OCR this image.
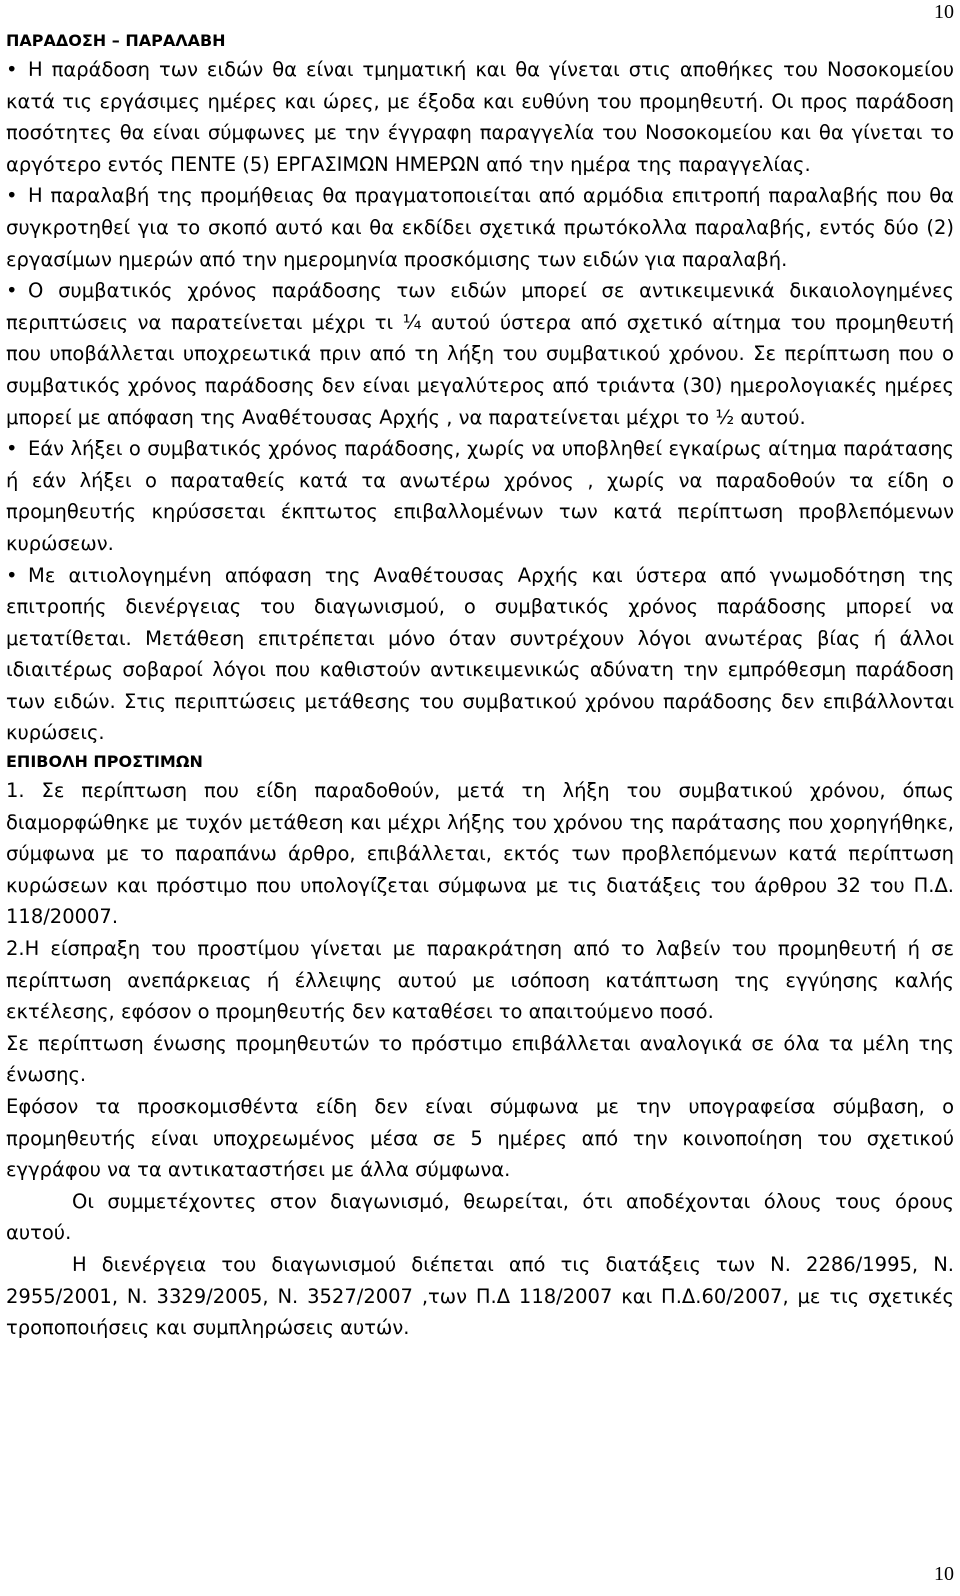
10

ΠΑΡΑΔΟΣΗ – ΠΑΡΑΛΑΒΗ

• Η παράδοση των ειδών θα είναι τμηματική και θα γίνεται στις αποθήκες του Νοσοκομείου κατά τις εργάσιμες ημέρες και ώρες, με έξοδα και ευθύνη του προμηθευτή. Οι προς παράδοση ποσότητες θα είναι σύμφωνες με την έγγραφη παραγγελία του Νοσοκομείου και θα γίνεται το αργότερο εντός ΠΕΝΤΕ (5) ΕΡΓΑΣΙΜΩΝ ΗΜΕΡΩΝ από την ημέρα της παραγγελίας.

• Η παραλαβή της προμήθειας θα πραγματοποιείται από αρμόδια επιτροπή παραλαβής που θα συγκροτηθεί για το σκοπό αυτό και θα εκδίδει σχετικά πρωτόκολλα παραλαβής, εντός δύο (2) εργασίμων ημερών από την ημερομηνία προσκόμισης των ειδών για παραλαβή.

• Ο συμβατικός χρόνος παράδοσης των ειδών μπορεί σε αντικειμενικά δικαιολογημένες περιπτώσεις να παρατείνεται μέχρι τι ¼ αυτού ύστερα από σχετικό αίτημα του προμηθευτή που υποβάλλεται υποχρεωτικά πριν από τη λήξη του συμβατικού χρόνου. Σε περίπτωση που ο συμβατικός χρόνος παράδοσης δεν είναι μεγαλύτερος από τριάντα (30) ημερολογιακές ημέρες μπορεί με απόφαση της Αναθέτουσας Αρχής , να παρατείνεται μέχρι το ½ αυτού.

• Εάν λήξει ο συμβατικός χρόνος παράδοσης, χωρίς να υποβληθεί εγκαίρως αίτημα παράτασης ή εάν λήξει ο παραταθείς κατά τα ανωτέρω χρόνος , χωρίς να παραδοθούν τα είδη ο προμηθευτής κηρύσσεται έκπτωτος επιβαλλομένων των κατά περίπτωση προβλεπόμενων κυρώσεων.

• Με αιτιολογημένη απόφαση της Αναθέτουσας Αρχής και ύστερα από γνωμοδότηση της επιτροπής διενέργειας του διαγωνισμού, ο συμβατικός χρόνος παράδοσης μπορεί να μετατίθεται. Μετάθεση επιτρέπεται μόνο όταν συντρέχουν λόγοι ανωτέρας βίας ή άλλοι ιδιαιτέρως σοβαροί λόγοι που καθιστούν αντικειμενικώς αδύνατη την εμπρόθεσμη παράδοση των ειδών. Στις περιπτώσεις μετάθεσης του συμβατικού χρόνου παράδοσης δεν επιβάλλονται κυρώσεις.

ΕΠΙΒΟΛΗ ΠΡΟΣΤΙΜΩΝ

1. Σε περίπτωση που είδη παραδοθούν, μετά τη λήξη του συμβατικού χρόνου, όπως διαμορφώθηκε με τυχόν μετάθεση και μέχρι λήξης του χρόνου της παράτασης που χορηγήθηκε, σύμφωνα με το παραπάνω άρθρο, επιβάλλεται, εκτός των προβλεπόμενων κατά περίπτωση κυρώσεων και πρόστιμο που υπολογίζεται σύμφωνα με τις διατάξεις του άρθρου 32 του Π.Δ. 118/20007.

2.Η είσπραξη του προστίμου γίνεται με παρακράτηση από το λαβείν του προμηθευτή ή σε περίπτωση ανεπάρκειας ή έλλειψης αυτού με ισόποση κατάπτωση της εγγύησης καλής εκτέλεσης, εφόσον ο προμηθευτής δεν καταθέσει το απαιτούμενο ποσό.

Σε περίπτωση ένωσης προμηθευτών το πρόστιμο επιβάλλεται αναλογικά σε όλα τα μέλη της ένωσης.

Εφόσον τα προσκομισθέντα είδη δεν είναι σύμφωνα με την υπογραφείσα σύμβαση, ο προμηθευτής είναι υποχρεωμένος μέσα σε 5 ημέρες από την κοινοποίηση του σχετικού εγγράφου να τα αντικαταστήσει με άλλα σύμφωνα.

Οι συμμετέχοντες στον διαγωνισμό, θεωρείται, ότι αποδέχονται όλους τους όρους αυτού.

Η διενέργεια του διαγωνισμού διέπεται από τις διατάξεις των Ν. 2286/1995, Ν. 2955/2001, Ν. 3329/2005, Ν. 3527/2007 ,των Π.Δ 118/2007 και Π.Δ.60/2007, με τις σχετικές τροποποιήσεις και συμπληρώσεις αυτών.

10
